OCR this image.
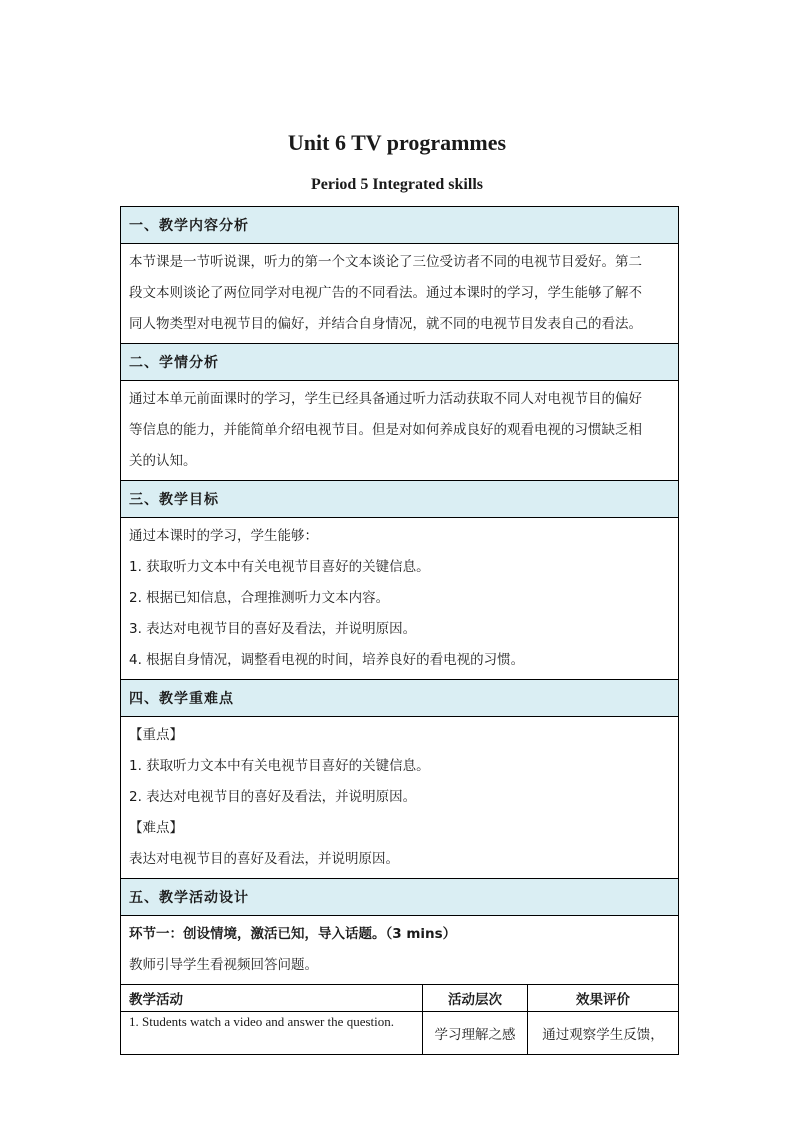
Unit 6 TV programmes
Period 5 Integrated skills
一、教学内容分析		

本节课是一节听说课，听力的第一个文本谈论了三位受访者不同的电视节目爱好。第二
段文本则谈论了两位同学对电视广告的不同看法。通过本课时的学习，学生能够了解不
同人物类型对电视节目的偏好，并结合自身情况，就不同的电视节目发表自己的看法。		

二、学情分析		

通过本单元前面课时的学习，学生已经具备通过听力活动获取不同人对电视节目的偏好
等信息的能力，并能简单介绍电视节目。但是对如何养成良好的观看电视的习惯缺乏相
关的认知。		

三、教学目标		

通过本课时的学习，学生能够：
1. 获取听力文本中有关电视节目喜好的关键信息。
2. 根据已知信息，合理推测听力文本内容。
3. 表达对电视节目的喜好及看法，并说明原因。
4. 根据自身情况，调整看电视的时间，培养良好的看电视的习惯。		

四、教学重难点		

【重点】
1. 获取听力文本中有关电视节目喜好的关键信息。
2. 表达对电视节目的喜好及看法，并说明原因。
【难点】
表达对电视节目的喜好及看法，并说明原因。		

五、教学活动设计		

环节一：创设情境，激活已知，导入话题。（3 mins）
教师引导学生看视频回答问题。		

教学活动	活动层次	效果评价
1. Students watch a video and answer the question.	学习理解之感	通过观察学生反馈，
